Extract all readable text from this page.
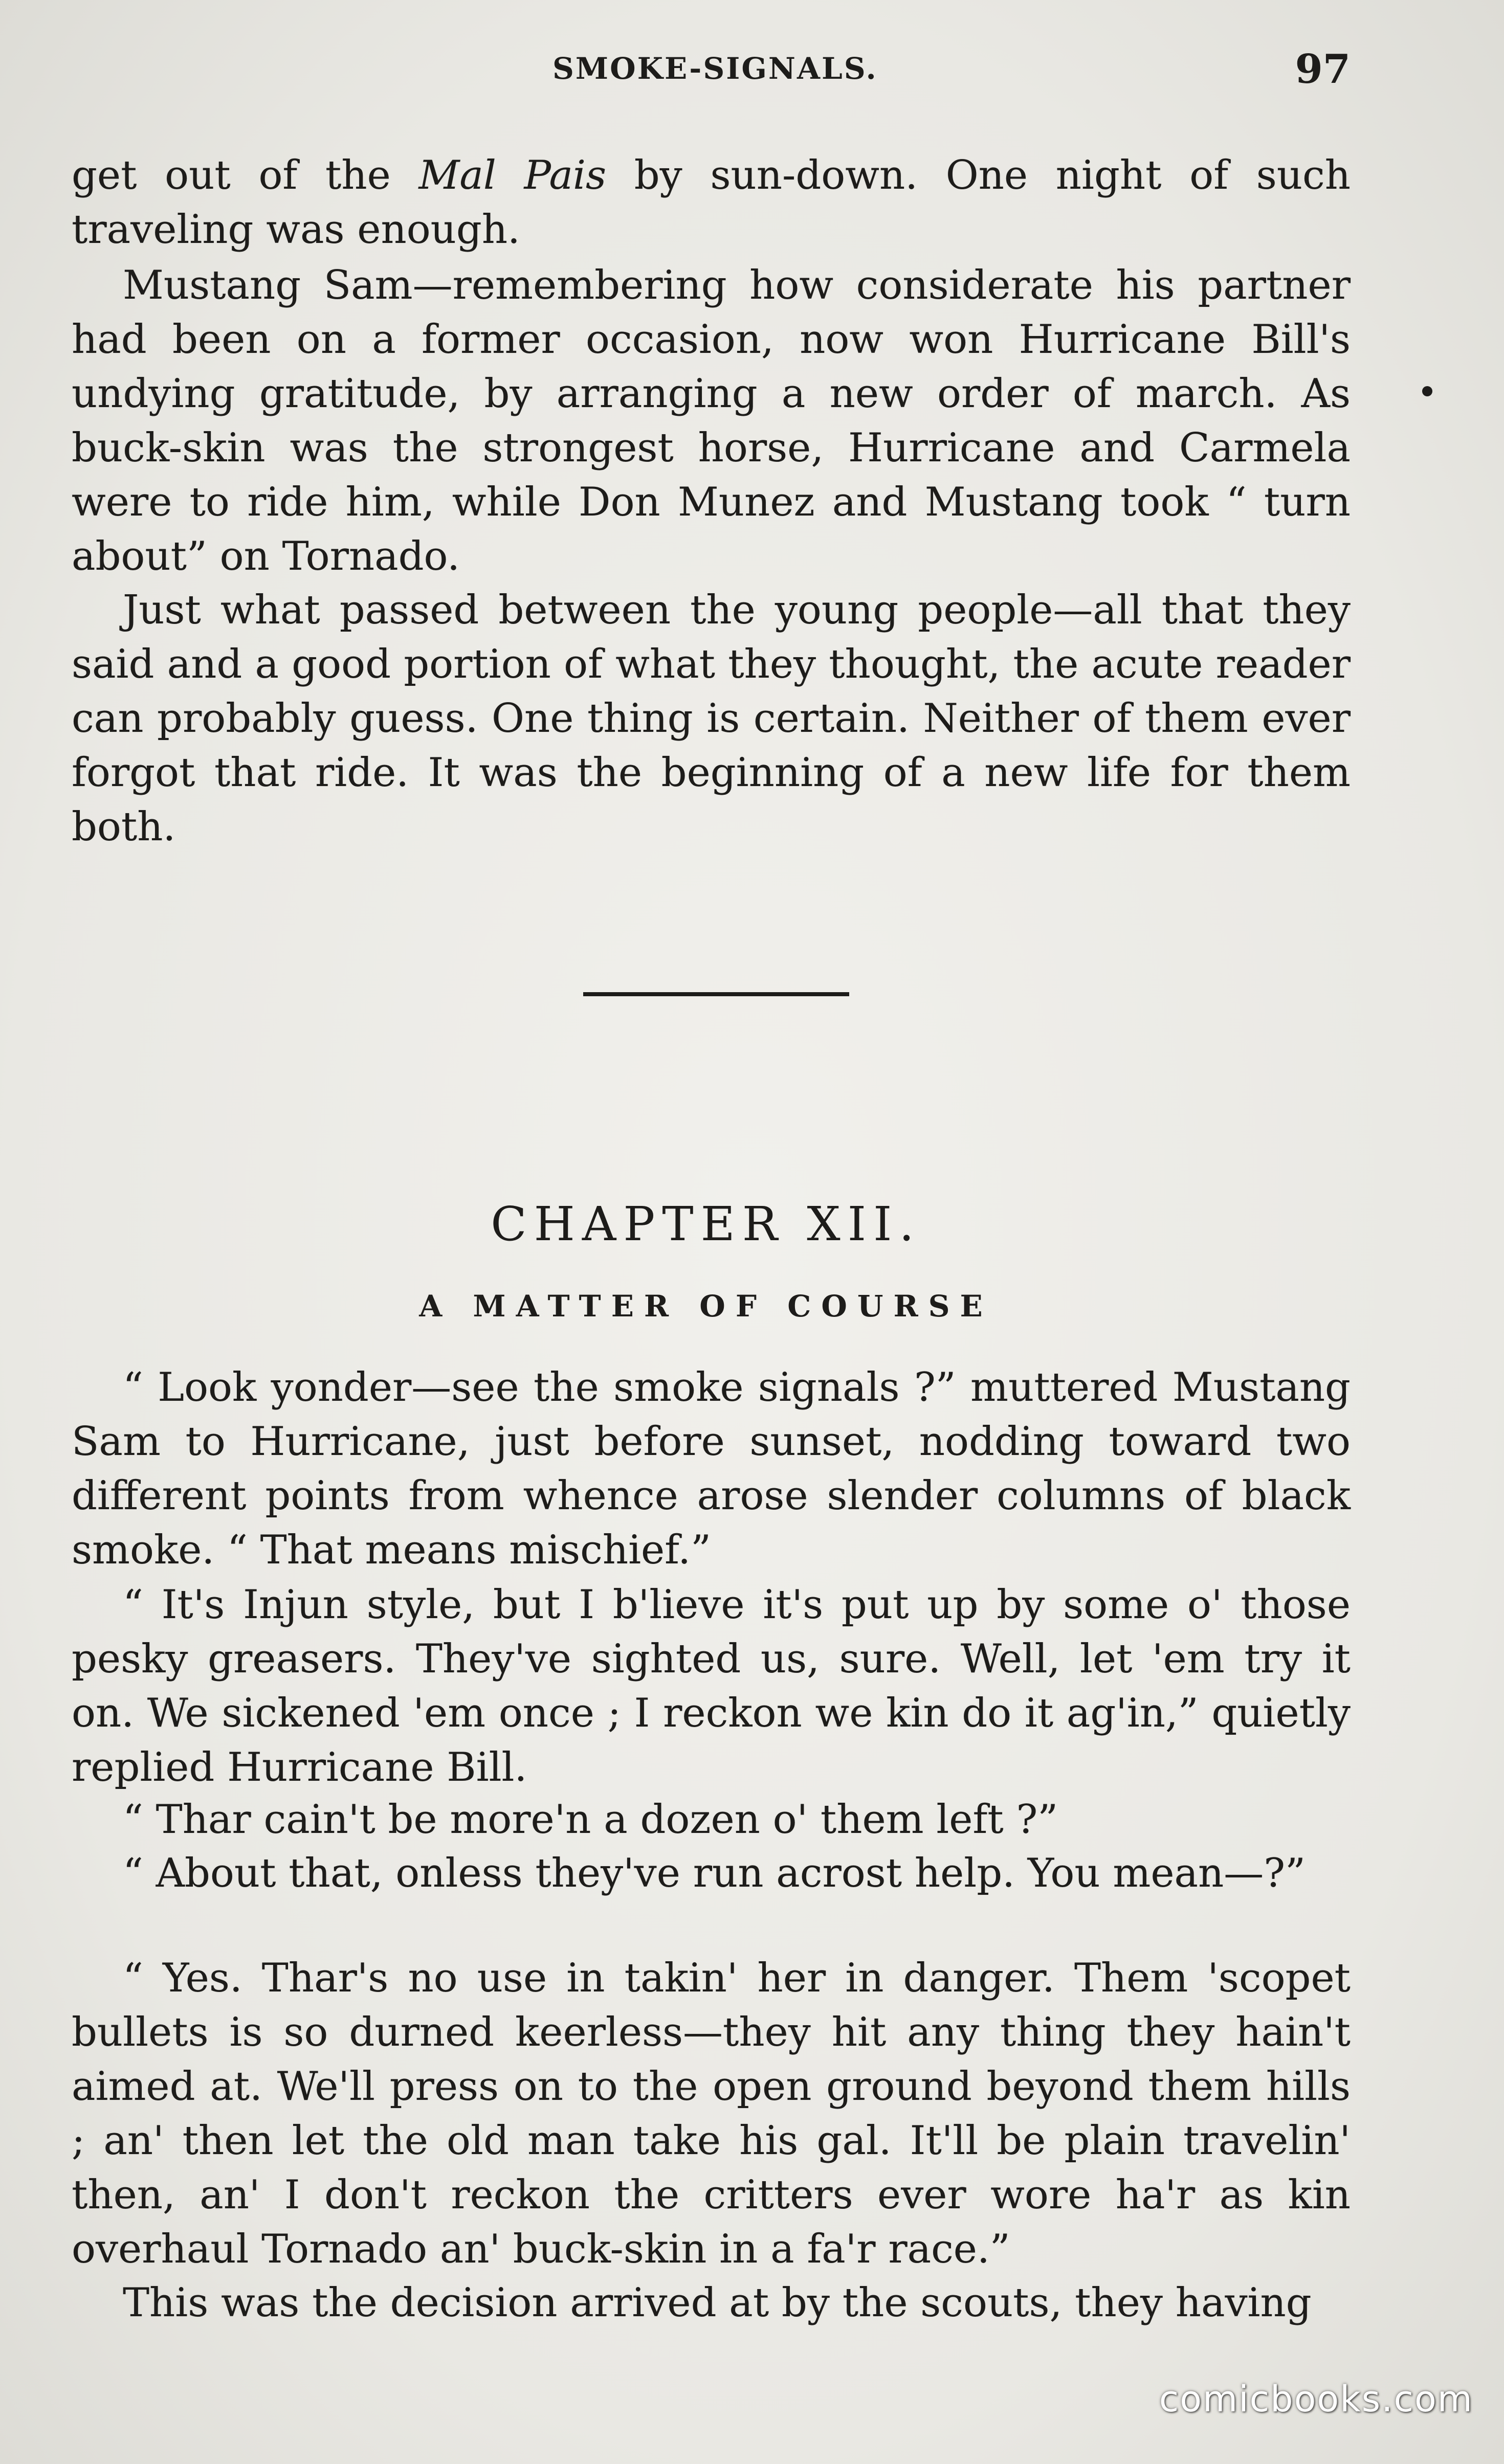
SMOKE-SIGNALS.	97

get out of the Mal Pais by sun-down. One night of such traveling was enough.

Mustang Sam—remembering how considerate his partner had been on a former occasion, now won Hurricane Bill's undying gratitude, by arranging a new order of march. As buck-skin was the strongest horse, Hurricane and Carmela were to ride him, while Don Munez and Mustang took “ turn about” on Tornado.

Just what passed between the young people—all that they said and a good portion of what they thought, the acute reader can probably guess. One thing is certain. Neither of them ever forgot that ride. It was the beginning of a new life for them both.

CHAPTER XII.
A MATTER OF COURSE

“ Look yonder—see the smoke signals ?” muttered Mustang Sam to Hurricane, just before sunset, nodding toward two different points from whence arose slender columns of black smoke. “ That means mischief.”

“ It's Injun style, but I b'lieve it's put up by some o' those pesky greasers. They've sighted us, sure. Well, let 'em try it on. We sickened 'em once ; I reckon we kin do it ag'in,” quietly replied Hurricane Bill.

“ Thar cain't be more'n a dozen o' them left ?”

“ About that, onless they've run acrost help. You mean—?”

“ Yes. Thar's no use in takin' her in danger. Them 'scopet bullets is so durned keerless—they hit any thing they hain't aimed at. We'll press on to the open ground beyond them hills ; an' then let the old man take his gal. It'll be plain travelin' then, an' I don't reckon the critters ever wore ha'r as kin overhaul Tornado an' buck-skin in a fa'r race.”

This was the decision arrived at by the scouts, they having

comicbooks.com
